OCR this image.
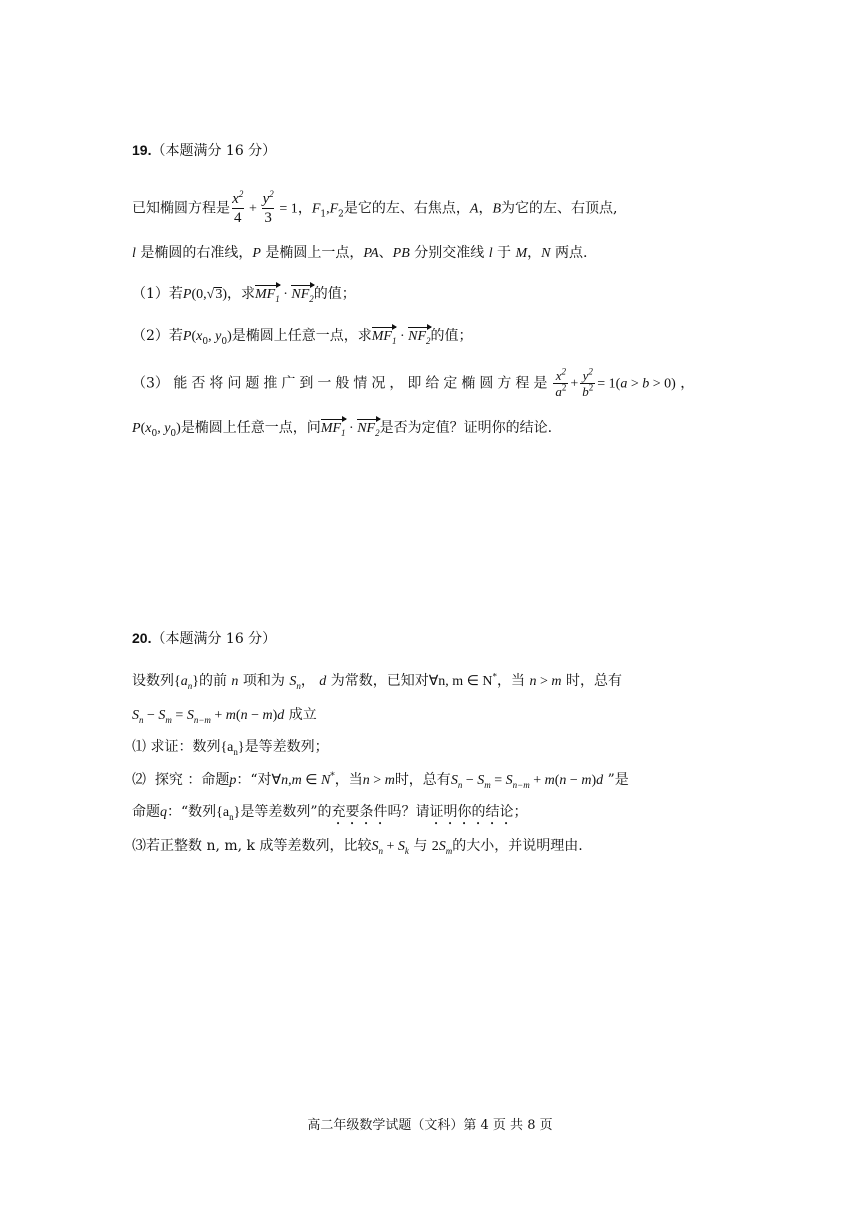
19.（本题满分 16 分）
已知椭圆方程是 $\frac{x^2}{4} + \frac{y^2}{3} = 1$，$F_1,F_2$是它的左、右焦点，A，B为它的左、右顶点,
l 是椭圆的右准线，P 是椭圆上一点，PA、PB 分别交准线 l 于 M，N 两点.
（1）若P(0,√3)，求$MF_1 \cdot NF_2$的值；
（2）若$P(x_0$, $y_0$)是椭圆上任意一点，求$MF_1 \cdot NF_2$的值；
（3） 能否将问题推广到一般情况，即给定椭圆方程是 $\frac{x^2}{a^2} + \frac{y^2}{b^2} = 1(a > b > 0)$ ，
$P(x_0$, $y_0$)是椭圆上任意一点，问$MF_1 \cdot NF_2$是否为定值？证明你的结论.
20.（本题满分 16 分）
设数列$\{a_n\}$的前 n 项和为 $S_n$， d 为常数，已知对∀n, m ∈ N*，当 n > m 时，总有
$S_n - S_m = S_{n-m} + m(n - m)d$ 成立
⑴ 求证：数列$\{a_n\}$是等差数列；
⑵ 探究 ：命题p：“对∀n,m ∈ N*，当n > m时，总有$S_n - S_m = S_{n-m} + m(n - m)d$ ”是
命题q：“数列$\{a_n\}$是等差数列”的充要条件吗？请证明你的结论；
⑶若正整数 n, m, k 成等差数列，比较$S_n + S_k$ 与 $2S_m$的大小，并说明理由.
高二年级数学试题（文科）第 4 页 共 8 页
